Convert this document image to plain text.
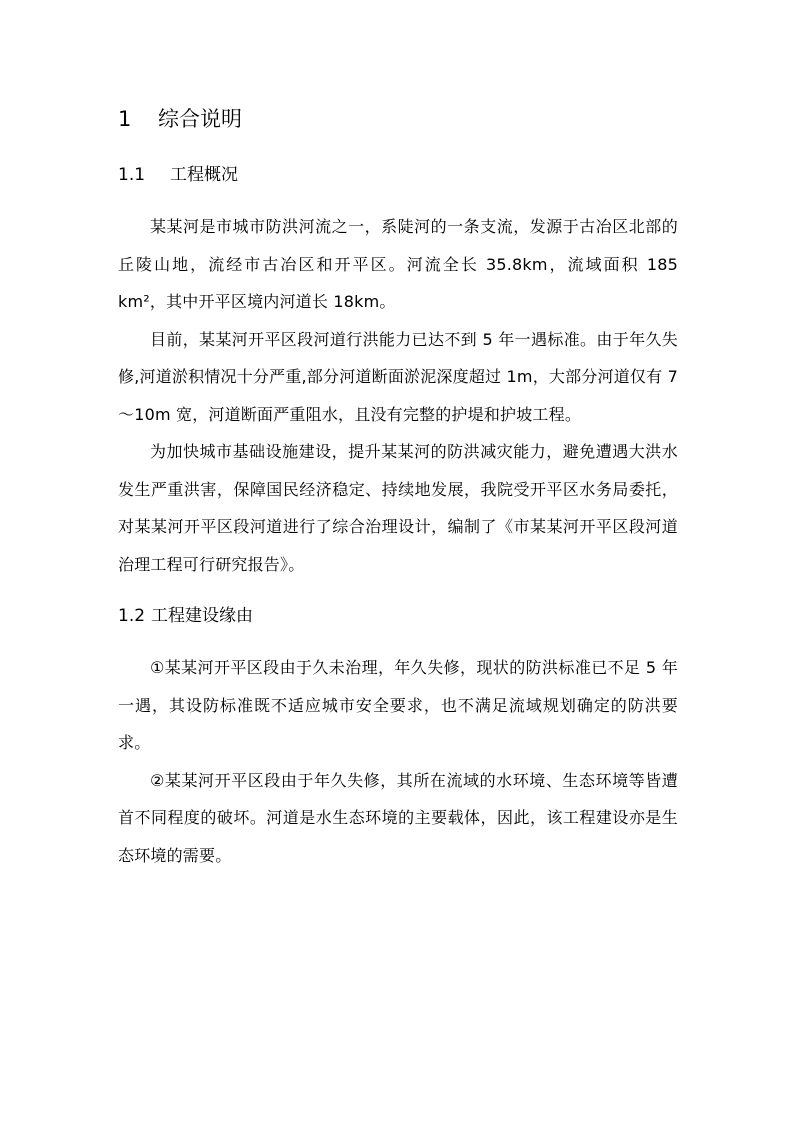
1 综合说明
1.1 工程概况

某某河是市城市防洪河流之一，系陡河的一条支流，发源于古冶区北部的丘陵山地，流经市古冶区和开平区。河流全长 35.8km，流域面积 185 km²，其中开平区境内河道长 18km。

目前，某某河开平区段河道行洪能力已达不到 5 年一遇标准。由于年久失修,河道淤积情况十分严重,部分河道断面淤泥深度超过 1m，大部分河道仅有 7～10m 宽，河道断面严重阻水，且没有完整的护堤和护坡工程。

为加快城市基础设施建设，提升某某河的防洪减灾能力，避免遭遇大洪水发生严重洪害，保障国民经济稳定、持续地发展，我院受开平区水务局委托，对某某河开平区段河道进行了综合治理设计，编制了《市某某河开平区段河道治理工程可行研究报告》。

1.2 工程建设缘由

①某某河开平区段由于久未治理，年久失修，现状的防洪标准已不足 5 年一遇，其设防标准既不适应城市安全要求，也不满足流域规划确定的防洪要求。

②某某河开平区段由于年久失修，其所在流域的水环境、生态环境等皆遭首不同程度的破坏。河道是水生态环境的主要载体，因此，该工程建设亦是生态环境的需要。
